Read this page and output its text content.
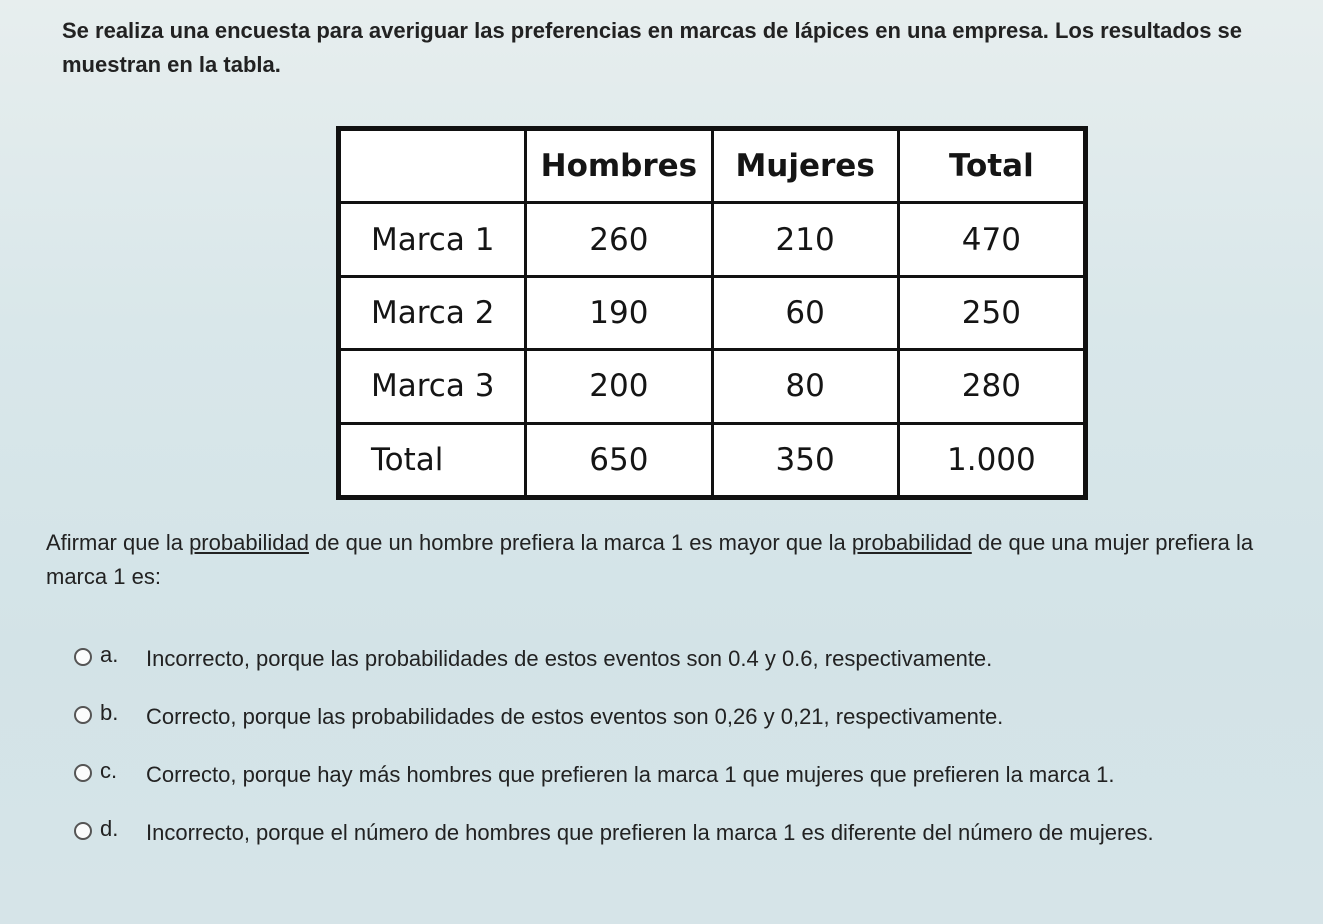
Se realiza una encuesta para averiguar las preferencias en marcas de lápices en una empresa. Los resultados se muestran en la tabla.
	Hombres	Mujeres	Total
Marca 1	260	210	470
Marca 2	190	60	250
Marca 3	200	80	280
Total	650	350	1.000
Afirmar que la probabilidad de que un hombre prefiera la marca 1 es mayor que la probabilidad de que una mujer prefiera la marca 1 es:
a. Incorrecto, porque las probabilidades de estos eventos son 0.4 y 0.6, respectivamente.
b. Correcto, porque las probabilidades de estos eventos son 0,26 y 0,21, respectivamente.
c. Correcto, porque hay más hombres que prefieren la marca 1 que mujeres que prefieren la marca 1.
d. Incorrecto, porque el número de hombres que prefieren la marca 1 es diferente del número de mujeres.
